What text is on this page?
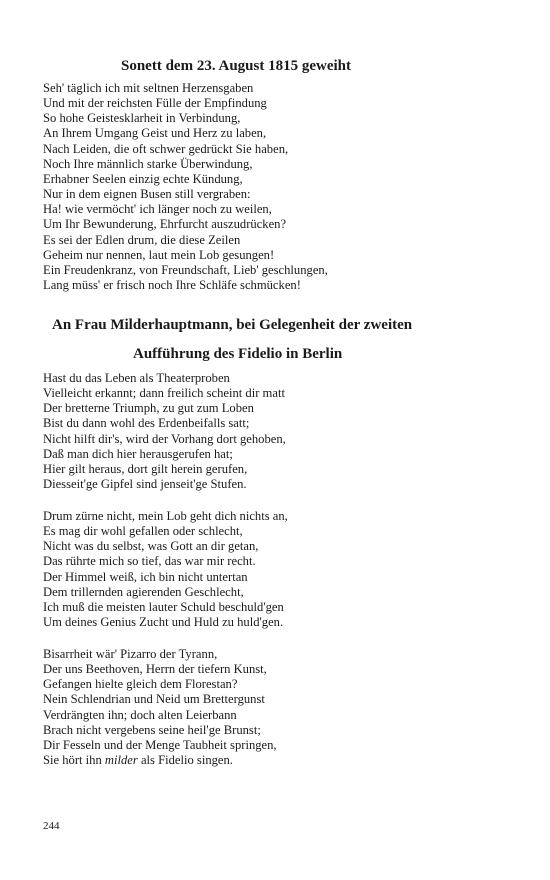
Sonett dem 23. August 1815 geweiht
Seh' täglich ich mit seltnen Herzensgaben
Und mit der reichsten Fülle der Empfindung
So hohe Geistesklarheit in Verbindung,
An Ihrem Umgang Geist und Herz zu laben,
Nach Leiden, die oft schwer gedrückt Sie haben,
Noch Ihre männlich starke Überwindung,
Erhabner Seelen einzig echte Kündung,
Nur in dem eignen Busen still vergraben:
Ha! wie vermöcht' ich länger noch zu weilen,
Um Ihr Bewunderung, Ehrfurcht auszudrücken?
Es sei der Edlen drum, die diese Zeilen
Geheim nur nennen, laut mein Lob gesungen!
Ein Freudenkranz, von Freundschaft, Lieb' geschlungen,
Lang müss' er frisch noch Ihre Schläfe schmücken!
An Frau Milderhauptmann, bei Gelegenheit der zweiten
Aufführung des Fidelio in Berlin
Hast du das Leben als Theaterproben
Vielleicht erkannt; dann freilich scheint dir matt
Der bretterne Triumph, zu gut zum Loben
Bist du dann wohl des Erdenbeifalls satt;
Nicht hilft dir's, wird der Vorhang dort gehoben,
Daß man dich hier herausgerufen hat;
Hier gilt heraus, dort gilt herein gerufen,
Diesseit'ge Gipfel sind jenseit'ge Stufen.
Drum zürne nicht, mein Lob geht dich nichts an,
Es mag dir wohl gefallen oder schlecht,
Nicht was du selbst, was Gott an dir getan,
Das rührte mich so tief, das war mir recht.
Der Himmel weiß, ich bin nicht untertan
Dem trillernden agierenden Geschlecht,
Ich muß die meisten lauter Schuld beschuld'gen
Um deines Genius Zucht und Huld zu huld'gen.
Bisarrheit wär' Pizarro der Tyrann,
Der uns Beethoven, Herrn der tiefern Kunst,
Gefangen hielte gleich dem Florestan?
Nein Schlendrian und Neid um Brettergunst
Verdrängten ihn; doch alten Leierbann
Brach nicht vergebens seine heil'ge Brunst;
Dir Fesseln und der Menge Taubheit springen,
Sie hört ihn milder als Fidelio singen.

244
